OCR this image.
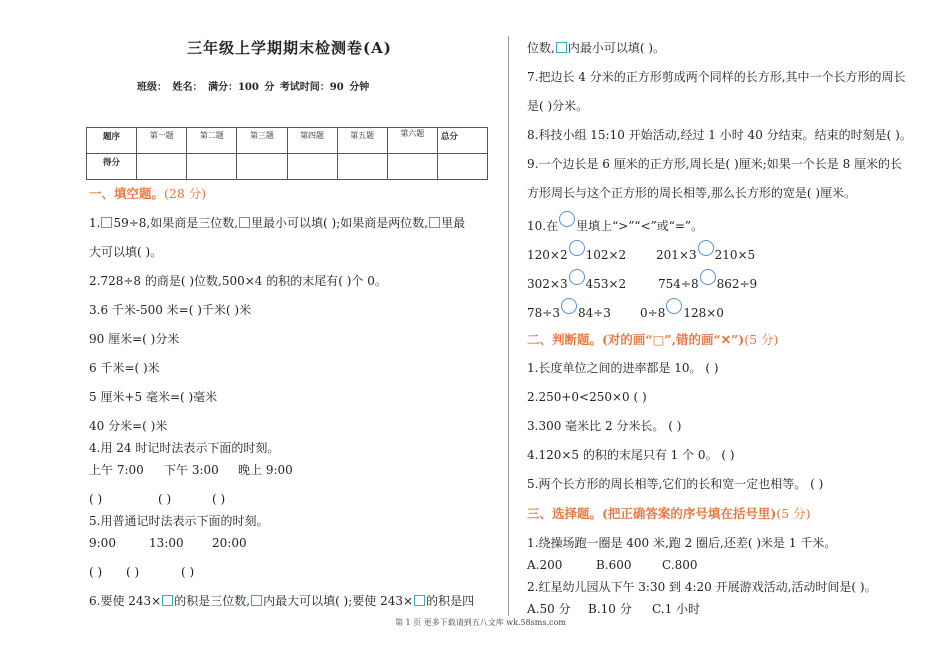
三年级上学期期末检测卷(A)
班级： 姓名： 满分：100 分 考试时间：90 分钟
题序	第一题	第二题	第三题	第四题	第五题	第六题	总分
得分							
一、填空题。(28 分)
1. 59÷8,如果商是三位数, 里最小可以填( );如果商是两位数, 里最
大可以填( )。
2.728÷8 的商是( )位数,500×4 的积的末尾有( )个 0。
3.6 千米-500 米=( )千米( )米
90 厘米=( )分米
6 千米=( )米
5 厘米+5 毫米=( )毫米
40 分米=( )米
4.用 24 时记时法表示下面的时刻。
上午 7:00 下午 3:00 晚上 9:00
( )	( )	( )
5.用普通记时法表示下面的时刻。
9:00	13:00 20:00
( ) ( )	( )
6.要使 243× 的积是三位数, 内最大可以填( );要使 243× 的积是四
位数, 内最小可以填( )。
7.把边长 4 分米的正方形剪成两个同样的长方形,其中一个长方形的周长
是( )分米。
8.科技小组 15:10 开始活动,经过 1 小时 40 分结束。结束的时刻是( )。
9.一个边长是 6 厘米的正方形,周长是( )厘米;如果一个长是 8 厘米的长
方形周长与这个正方形的周长相等,那么长方形的宽是( )厘米。
10.在 里填上“>”“<”或“=”。
120×2 102×2 201×3 210×5
302×3 453×2	754÷8 862÷9
78÷3 84÷3 0÷8 128×0
二、判断题。(对的画“□”,错的画“✕”)(5 分)
1.长度单位之间的进率都是 10。 ( )
2.250+0<250×0 ( )
3.300 毫米比 2 分米长。 ( )
4.120×5 的积的末尾只有 1 个 0。 ( )
5.两个长方形的周长相等,它们的长和宽一定也相等。 ( )
三、选择题。(把正确答案的序号填在括号里)(5 分)
1.绕操场跑一圈是 400 米,跑 2 圈后,还差( )米是 1 千米。
A.200	B.600	C.800
2.红星幼儿园从下午 3:30 到 4:20 开展游戏活动,活动时间是( )。
A.50 分 B.10 分 C.1 小时
第 1 页 更多下载请到五八文库 wk.58sms.com
